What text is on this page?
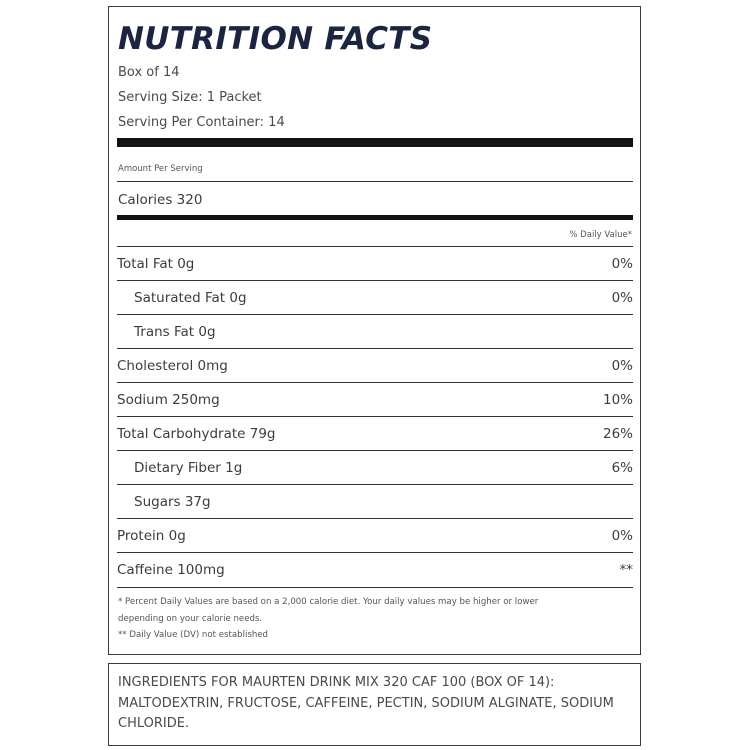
NUTRITION FACTS
Box of 14
Serving Size: 1 Packet
Serving Per Container: 14
Amount Per Serving
Calories 320
% Daily Value*
Total Fat 0g	0%
Saturated Fat 0g	0%
Trans Fat 0g
Cholesterol 0mg	0%
Sodium 250mg	10%
Total Carbohydrate 79g	26%
Dietary Fiber 1g	6%
Sugars 37g
Protein 0g	0%
Caffeine 100mg	**
* Percent Daily Values are based on a 2,000 calorie diet. Your daily values may be higher or lower
depending on your calorie needs.
** Daily Value (DV) not established
INGREDIENTS FOR MAURTEN DRINK MIX 320 CAF 100 (BOX OF 14): MALTODEXTRIN, FRUCTOSE, CAFFEINE, PECTIN, SODIUM ALGINATE, SODIUM CHLORIDE.
